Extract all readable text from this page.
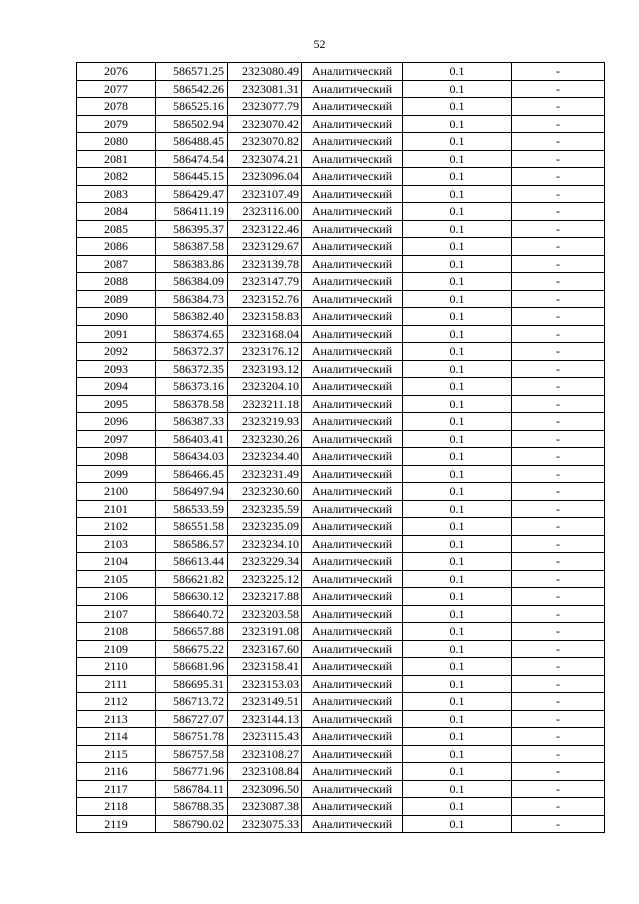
52
2076	586571.25	2323080.49	Аналитический	0.1	-
2077	586542.26	2323081.31	Аналитический	0.1	-
2078	586525.16	2323077.79	Аналитический	0.1	-
2079	586502.94	2323070.42	Аналитический	0.1	-
2080	586488.45	2323070.82	Аналитический	0.1	-
2081	586474.54	2323074.21	Аналитический	0.1	-
2082	586445.15	2323096.04	Аналитический	0.1	-
2083	586429.47	2323107.49	Аналитический	0.1	-
2084	586411.19	2323116.00	Аналитический	0.1	-
2085	586395.37	2323122.46	Аналитический	0.1	-
2086	586387.58	2323129.67	Аналитический	0.1	-
2087	586383.86	2323139.78	Аналитический	0.1	-
2088	586384.09	2323147.79	Аналитический	0.1	-
2089	586384.73	2323152.76	Аналитический	0.1	-
2090	586382.40	2323158.83	Аналитический	0.1	-
2091	586374.65	2323168.04	Аналитический	0.1	-
2092	586372.37	2323176.12	Аналитический	0.1	-
2093	586372.35	2323193.12	Аналитический	0.1	-
2094	586373.16	2323204.10	Аналитический	0.1	-
2095	586378.58	2323211.18	Аналитический	0.1	-
2096	586387.33	2323219.93	Аналитический	0.1	-
2097	586403.41	2323230.26	Аналитический	0.1	-
2098	586434.03	2323234.40	Аналитический	0.1	-
2099	586466.45	2323231.49	Аналитический	0.1	-
2100	586497.94	2323230.60	Аналитический	0.1	-
2101	586533.59	2323235.59	Аналитический	0.1	-
2102	586551.58	2323235.09	Аналитический	0.1	-
2103	586586.57	2323234.10	Аналитический	0.1	-
2104	586613.44	2323229.34	Аналитический	0.1	-
2105	586621.82	2323225.12	Аналитический	0.1	-
2106	586630.12	2323217.88	Аналитический	0.1	-
2107	586640.72	2323203.58	Аналитический	0.1	-
2108	586657.88	2323191.08	Аналитический	0.1	-
2109	586675.22	2323167.60	Аналитический	0.1	-
2110	586681.96	2323158.41	Аналитический	0.1	-
2111	586695.31	2323153.03	Аналитический	0.1	-
2112	586713.72	2323149.51	Аналитический	0.1	-
2113	586727.07	2323144.13	Аналитический	0.1	-
2114	586751.78	2323115.43	Аналитический	0.1	-
2115	586757.58	2323108.27	Аналитический	0.1	-
2116	586771.96	2323108.84	Аналитический	0.1	-
2117	586784.11	2323096.50	Аналитический	0.1	-
2118	586788.35	2323087.38	Аналитический	0.1	-
2119	586790.02	2323075.33	Аналитический	0.1	-
